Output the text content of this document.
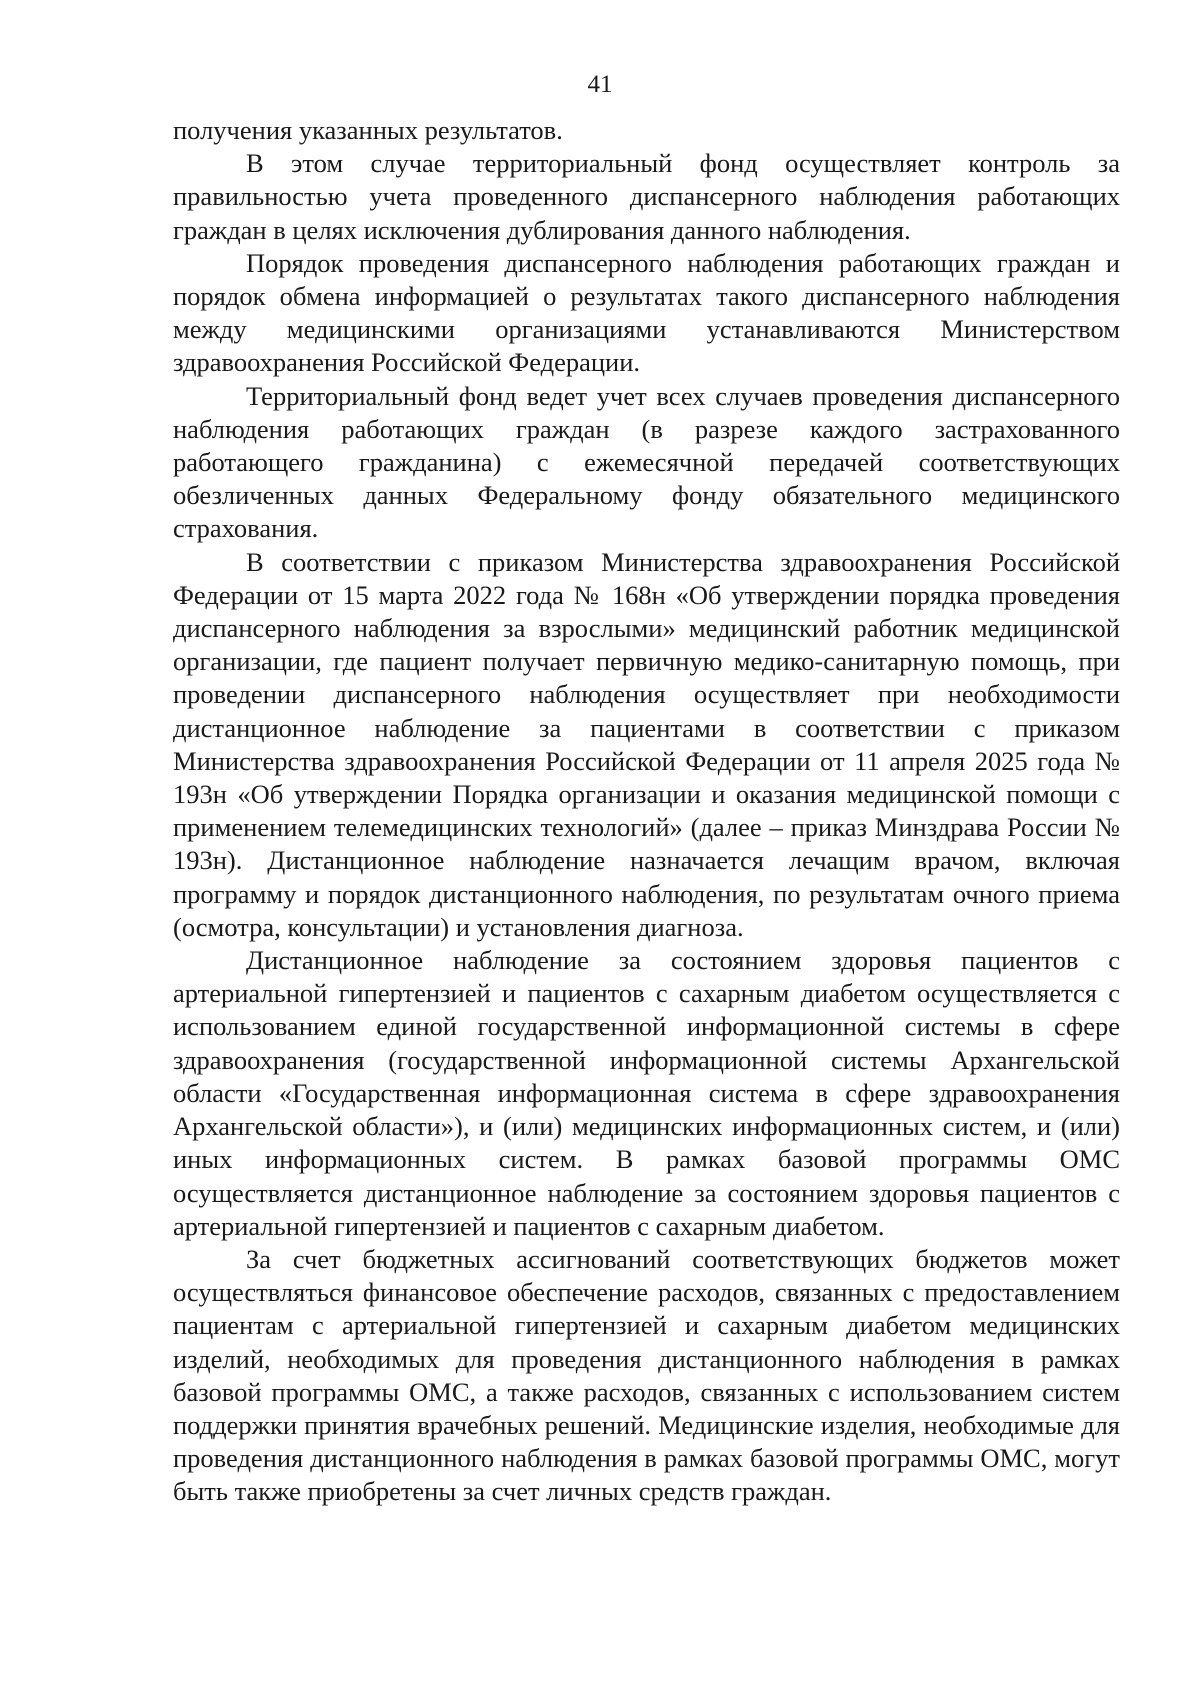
41

получения указанных результатов.

В этом случае территориальный фонд осуществляет контроль за правильностью учета проведенного диспансерного наблюдения работающих граждан в целях исключения дублирования данного наблюдения.

Порядок проведения диспансерного наблюдения работающих граждан и порядок обмена информацией о результатах такого диспансерного наблюдения между медицинскими организациями устанавливаются Министерством здравоохранения Российской Федерации.

Территориальный фонд ведет учет всех случаев проведения диспансерного наблюдения работающих граждан (в разрезе каждого застрахованного работающего гражданина) с ежемесячной передачей соответствующих обезличенных данных Федеральному фонду обязательного медицинского страхования.

В соответствии с приказом Министерства здравоохранения Российской Федерации от 15 марта 2022 года № 168н «Об утверждении порядка проведения диспансерного наблюдения за взрослыми» медицинский работник медицинской организации, где пациент получает первичную медико-санитарную помощь, при проведении диспансерного наблюдения осуществляет при необходимости дистанционное наблюдение за пациентами в соответствии с приказом Министерства здравоохранения Российской Федерации от 11 апреля 2025 года № 193н «Об утверждении Порядка организации и оказания медицинской помощи с применением телемедицинских технологий» (далее – приказ Минздрава России № 193н). Дистанционное наблюдение назначается лечащим врачом, включая программу и порядок дистанционного наблюдения, по результатам очного приема (осмотра, консультации) и установления диагноза.

Дистанционное наблюдение за состоянием здоровья пациентов с артериальной гипертензией и пациентов с сахарным диабетом осуществляется с использованием единой государственной информационной системы в сфере здравоохранения (государственной информационной системы Архангельской области «Государственная информационная система в сфере здравоохранения Архангельской области»), и (или) медицинских информационных систем, и (или) иных информационных систем. В рамках базовой программы ОМС осуществляется дистанционное наблюдение за состоянием здоровья пациентов с артериальной гипертензией и пациентов с сахарным диабетом.

За счет бюджетных ассигнований соответствующих бюджетов может осуществляться финансовое обеспечение расходов, связанных с предоставлением пациентам с артериальной гипертензией и сахарным диабетом медицинских изделий, необходимых для проведения дистанционного наблюдения в рамках базовой программы ОМС, а также расходов, связанных с использованием систем поддержки принятия врачебных решений. Медицинские изделия, необходимые для проведения дистанционного наблюдения в рамках базовой программы ОМС, могут быть также приобретены за счет личных средств граждан.
